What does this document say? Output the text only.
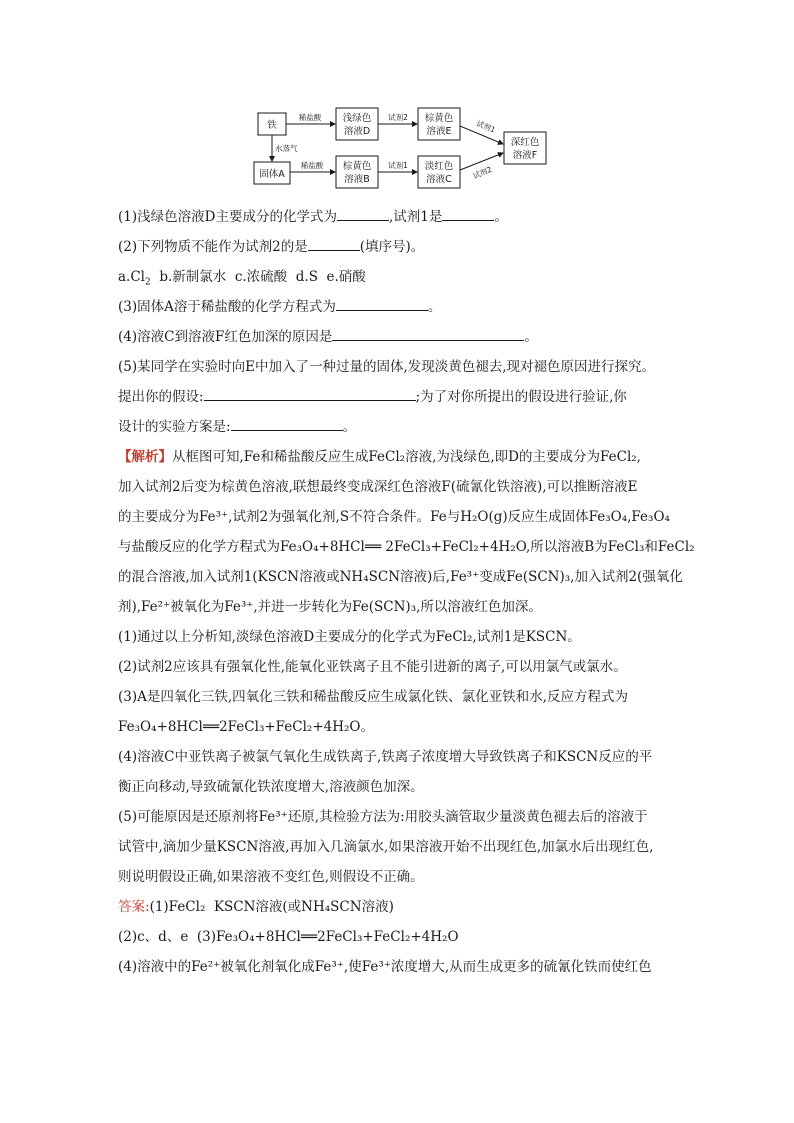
铁
固体A
浅绿色
溶液D
棕黄色
溶液B
棕黄色
溶液E
淡红色
溶液C
深红色
溶液F
稀盐酸
水蒸气
稀盐酸
试剂2
试剂1
试剂1
试剂2
(1)浅绿色溶液D主要成分的化学式为	,试剂1是	。
(2)下列物质不能作为试剂2的是	(填序号)。
$a.Cl_2$  b.新制氯水  c.浓硫酸  d.S  e.硝酸
(3)固体A溶于稀盐酸的化学方程式为	。
(4)溶液C到溶液F红色加深的原因是	。
(5)某同学在实验时向E中加入了一种过量的固体,发现淡黄色褪去,现对褪色原因进行探究。
提出你的假设:	;为了对你所提出的假设进行验证,你
设计的实验方案是:	。
【解析】从框图可知,Fe和稀盐酸反应生成FeCl₂溶液,为浅绿色,即D的主要成分为FeCl₂,
加入试剂2后变为棕黄色溶液,联想最终变成深红色溶液F(硫氰化铁溶液),可以推断溶液E
的主要成分为Fe³⁺,试剂2为强氧化剂,S不符合条件。Fe与H₂O(g)反应生成固体Fe₃O₄,Fe₃O₄
与盐酸反应的化学方程式为Fe₃O₄+8HCl══ 2FeCl₃+FeCl₂+4H₂O,所以溶液B为FeCl₃和FeCl₂
的混合溶液,加入试剂1(KSCN溶液或NH₄SCN溶液)后,Fe³⁺变成Fe(SCN)₃,加入试剂2(强氧化
剂),Fe²⁺被氧化为Fe³⁺,并进一步转化为Fe(SCN)₃,所以溶液红色加深。
(1)通过以上分析知,淡绿色溶液D主要成分的化学式为FeCl₂,试剂1是KSCN。
(2)试剂2应该具有强氧化性,能氧化亚铁离子且不能引进新的离子,可以用氯气或氯水。
(3)A是四氧化三铁,四氧化三铁和稀盐酸反应生成氯化铁、氯化亚铁和水,反应方程式为
Fe₃O₄+8HCl══2FeCl₃+FeCl₂+4H₂O。
(4)溶液C中亚铁离子被氯气氧化生成铁离子,铁离子浓度增大导致铁离子和KSCN反应的平
衡正向移动,导致硫氰化铁浓度增大,溶液颜色加深。
(5)可能原因是还原剂将Fe³⁺还原,其检验方法为:用胶头滴管取少量淡黄色褪去后的溶液于
试管中,滴加少量KSCN溶液,再加入几滴氯水,如果溶液开始不出现红色,加氯水后出现红色,
则说明假设正确,如果溶液不变红色,则假设不正确。
答案:(1)FeCl₂  KSCN溶液(或NH₄SCN溶液)
(2)c、d、e  (3)Fe₃O₄+8HCl══2FeCl₃+FeCl₂+4H₂O
(4)溶液中的Fe²⁺被氧化剂氧化成Fe³⁺,使Fe³⁺浓度增大,从而生成更多的硫氰化铁而使红色
